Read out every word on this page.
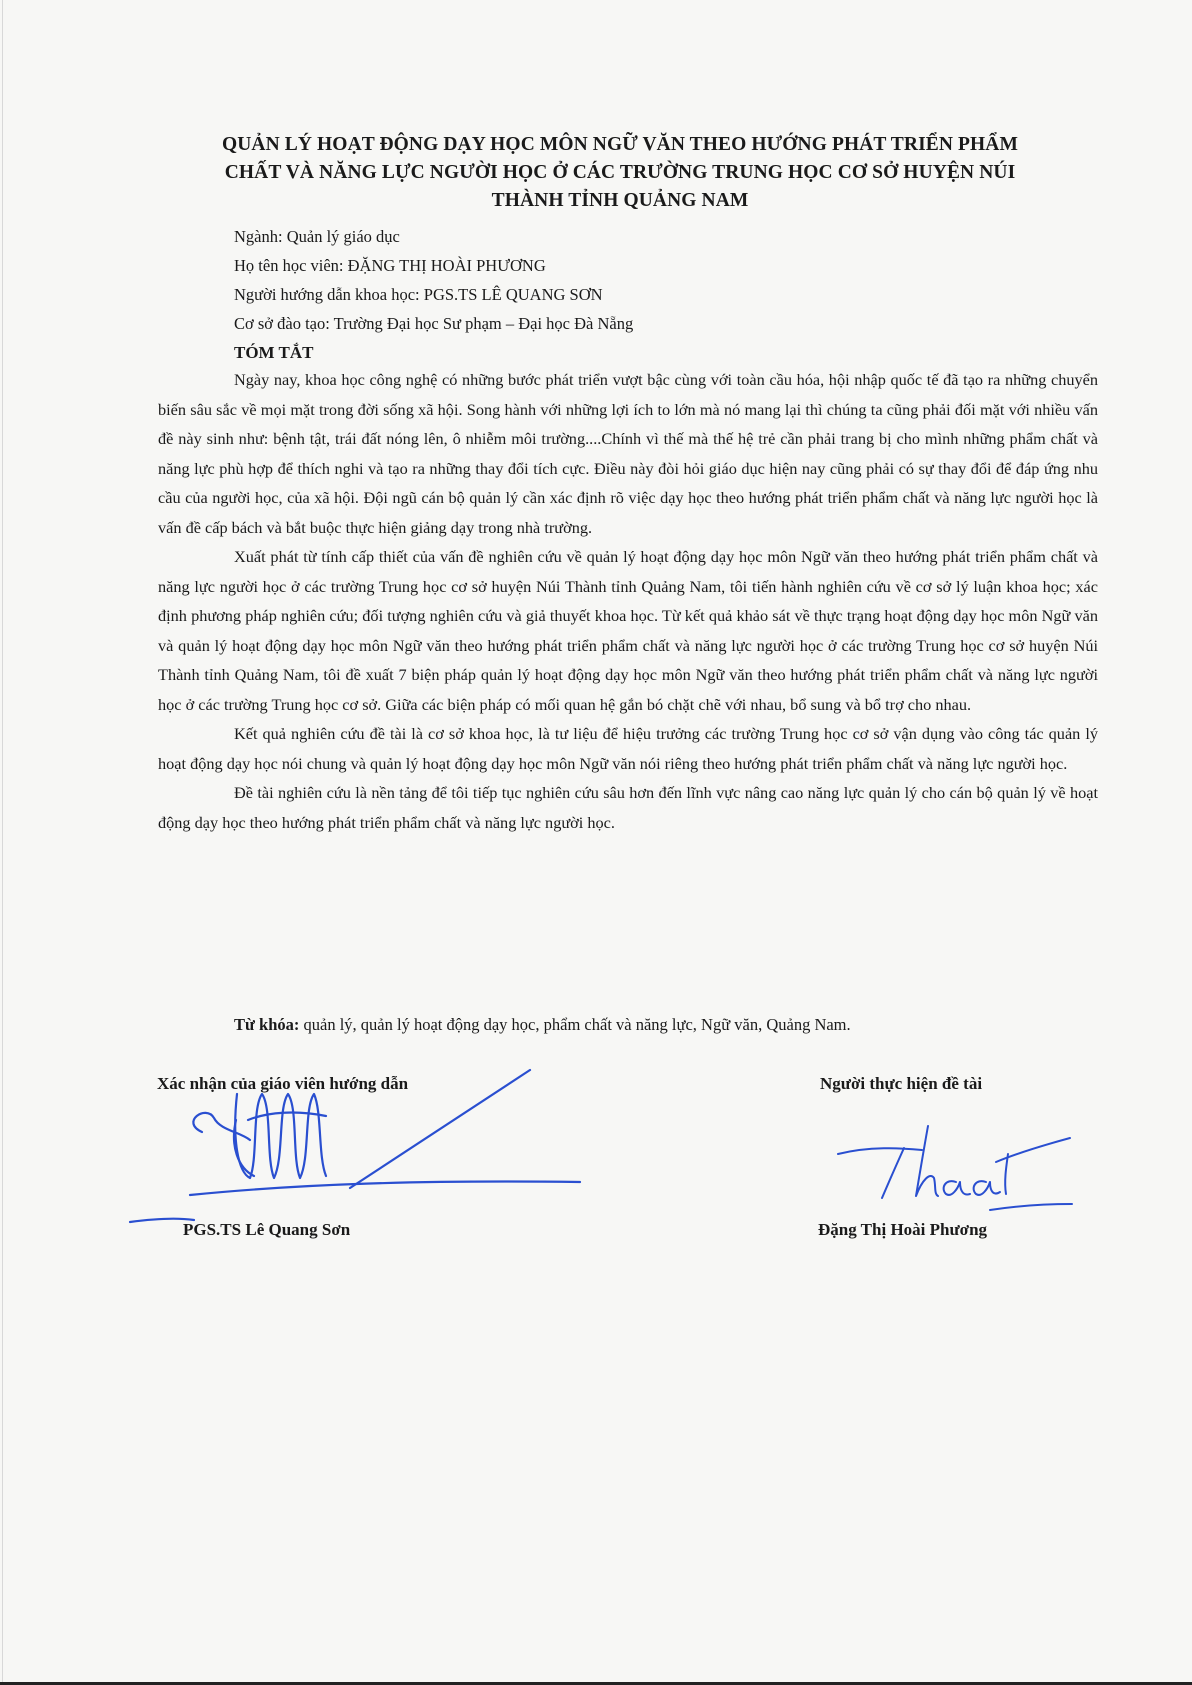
QUẢN LÝ HOẠT ĐỘNG DẠY HỌC MÔN NGỮ VĂN THEO HƯỚNG PHÁT TRIỂN PHẨM
CHẤT VÀ NĂNG LỰC NGƯỜI HỌC Ở CÁC TRƯỜNG TRUNG HỌC CƠ SỞ HUYỆN NÚI
THÀNH TỈNH QUẢNG NAM
Ngành: Quản lý giáo dục
Họ tên học viên: ĐẶNG THỊ HOÀI PHƯƠNG
Người hướng dẫn khoa học: PGS.TS LÊ QUANG SƠN
Cơ sở đào tạo: Trường Đại học Sư phạm – Đại học Đà Nẵng
TÓM TẮT

Ngày nay, khoa học công nghệ có những bước phát triển vượt bậc cùng với toàn cầu hóa, hội nhập quốc tế đã tạo ra những chuyển biến sâu sắc về mọi mặt trong đời sống xã hội. Song hành với những lợi ích to lớn mà nó mang lại thì chúng ta cũng phải đối mặt với nhiều vấn đề này sinh như: bệnh tật, trái đất nóng lên, ô nhiễm môi trường....Chính vì thế mà thế hệ trẻ cần phải trang bị cho mình những phẩm chất và năng lực phù hợp để thích nghi và tạo ra những thay đổi tích cực. Điều này đòi hỏi giáo dục hiện nay cũng phải có sự thay đổi để đáp ứng nhu cầu của người học, của xã hội. Đội ngũ cán bộ quản lý cần xác định rõ việc dạy học theo hướng phát triển phẩm chất và năng lực người học là vấn đề cấp bách và bắt buộc thực hiện giảng dạy trong nhà trường.

Xuất phát từ tính cấp thiết của vấn đề nghiên cứu về quản lý hoạt động dạy học môn Ngữ văn theo hướng phát triển phẩm chất và năng lực người học ở các trường Trung học cơ sở huyện Núi Thành tỉnh Quảng Nam, tôi tiến hành nghiên cứu về cơ sở lý luận khoa học; xác định phương pháp nghiên cứu; đối tượng nghiên cứu và giả thuyết khoa học. Từ kết quả khảo sát về thực trạng hoạt động dạy học môn Ngữ văn và quản lý hoạt động dạy học môn Ngữ văn theo hướng phát triển phẩm chất và năng lực người học ở các trường Trung học cơ sở huyện Núi Thành tỉnh Quảng Nam, tôi đề xuất 7 biện pháp quản lý hoạt động dạy học môn Ngữ văn theo hướng phát triển phẩm chất và năng lực người học ở các trường Trung học cơ sở. Giữa các biện pháp có mối quan hệ gắn bó chặt chẽ với nhau, bổ sung và bổ trợ cho nhau.

Kết quả nghiên cứu đề tài là cơ sở khoa học, là tư liệu để hiệu trưởng các trường Trung học cơ sở vận dụng vào công tác quản lý hoạt động dạy học nói chung và quản lý hoạt động dạy học môn Ngữ văn nói riêng theo hướng phát triển phẩm chất và năng lực người học.

Đề tài nghiên cứu là nền tảng để tôi tiếp tục nghiên cứu sâu hơn đến lĩnh vực nâng cao năng lực quản lý cho cán bộ quản lý về hoạt động dạy học theo hướng phát triển phẩm chất và năng lực người học.

Từ khóa: quản lý, quản lý hoạt động dạy học, phẩm chất và năng lực, Ngữ văn, Quảng Nam.
Xác nhận của giáo viên hướng dẫn	Người thực hiện đề tài
PGS.TS Lê Quang Sơn	Đặng Thị Hoài Phương
